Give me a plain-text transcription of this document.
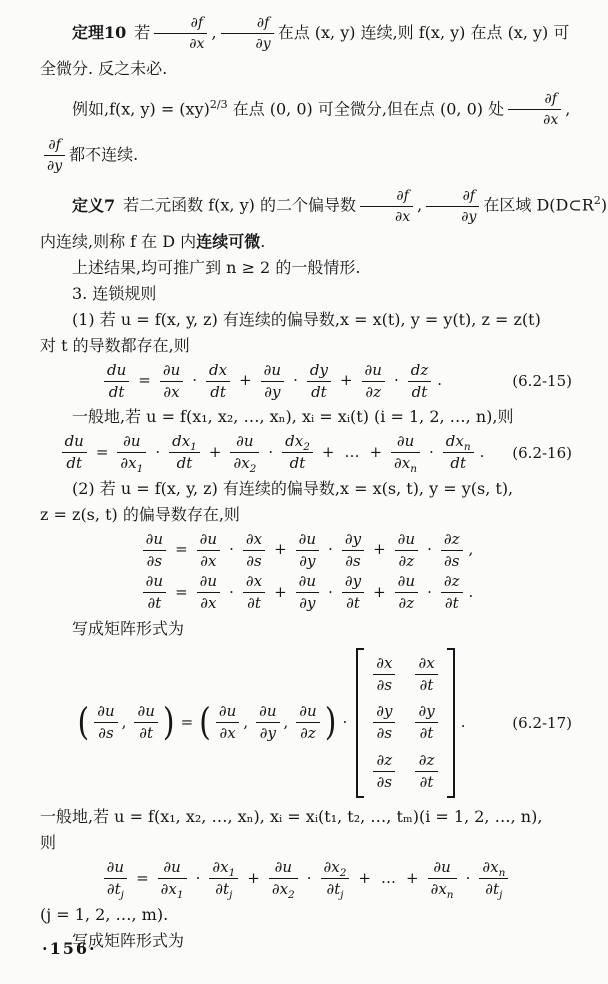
定理10 若 $\frac{\partial f}{\partial x}$ , $\frac{\partial f}{\partial y}$ 在点 (x, y) 连续,则 f(x, y) 在点 (x, y) 可

全微分. 反之未必.

例如,f(x, y) = (xy)$^{2/3}$ 在点 (0, 0) 可全微分,但在点 (0, 0) 处 $\frac{\partial f}{\partial x}$ ,

$\frac{\partial f}{\partial y}$ 都不连续.

定义7 若二元函数 f(x, y) 的二个偏导数 $\frac{\partial f}{\partial x}$ , $\frac{\partial f}{\partial y}$ 在区域 $D(D\subset R^2)$

内连续,则称 f 在 D 内连续可微.

上述结果,均可推广到 n ≥ 2 的一般情形.

3. 连锁规则

(1) 若 u = f(x, y, z) 有连续的偏导数,x = x(t), y = y(t), z = z(t)

对 t 的导数都存在,则

$\frac{du}{dt} = \frac{\partial u}{\partial x} \cdot \frac{dx}{dt} + \frac{\partial u}{\partial y} \cdot \frac{dy}{dt} + \frac{\partial u}{\partial z} \cdot \frac{dz}{dt}$ .	(6.2-15)

一般地,若 u = f(x₁, x₂, …, xₙ), xᵢ = xᵢ(t) (i = 1, 2, …, n),则

$\frac{du}{dt} = \frac{\partial u}{\partial x_1} \cdot \frac{dx_1}{dt} + \frac{\partial u}{\partial x_2} \cdot \frac{dx_2}{dt}$ + … + $\frac{\partial u}{\partial x_n} \cdot \frac{dx_n}{dt}$ .	(6.2-16)

(2) 若 u = f(x, y, z) 有连续的偏导数,x = x(s, t), y = y(s, t),

z = z(s, t) 的偏导数存在,则

$\frac{\partial u}{\partial s} = \frac{\partial u}{\partial x} \cdot \frac{\partial x}{\partial s} + \frac{\partial u}{\partial y} \cdot \frac{\partial y}{\partial s} + \frac{\partial u}{\partial z} \cdot \frac{\partial z}{\partial s}$ ,
$\frac{\partial u}{\partial t} = \frac{\partial u}{\partial x} \cdot \frac{\partial x}{\partial t} + \frac{\partial u}{\partial y} \cdot \frac{\partial y}{\partial t} + \frac{\partial u}{\partial z} \cdot \frac{\partial z}{\partial t}$ .

写成矩阵形式为

( $\frac{\partial u}{\partial s}$ , $\frac{\partial u}{\partial t}$ ) = ( $\frac{\partial u}{\partial x}$ , $\frac{\partial u}{\partial y}$ , $\frac{\partial u}{\partial z}$ ) ·
$\frac{\partial x}{\partial s} \frac{\partial x}{\partial t}$
$\frac{\partial y}{\partial s} \frac{\partial y}{\partial t}$
$\frac{\partial z}{\partial s} \frac{\partial z}{\partial t}$
.	(6.2-17)

一般地,若 u = f(x₁, x₂, …, xₙ), xᵢ = xᵢ(t₁, t₂, …, tₘ)(i = 1, 2, …, n),

则

$\frac{\partial u}{\partial t_j} = \frac{\partial u}{\partial x_1} \cdot \frac{\partial x_1}{\partial t_j} + \frac{\partial u}{\partial x_2} \cdot \frac{\partial x_2}{\partial t_j}$ + … + $\frac{\partial u}{\partial x_n} \cdot \frac{\partial x_n}{\partial t_j}$

(j = 1, 2, …, m).

写成矩阵形式为

·156·
